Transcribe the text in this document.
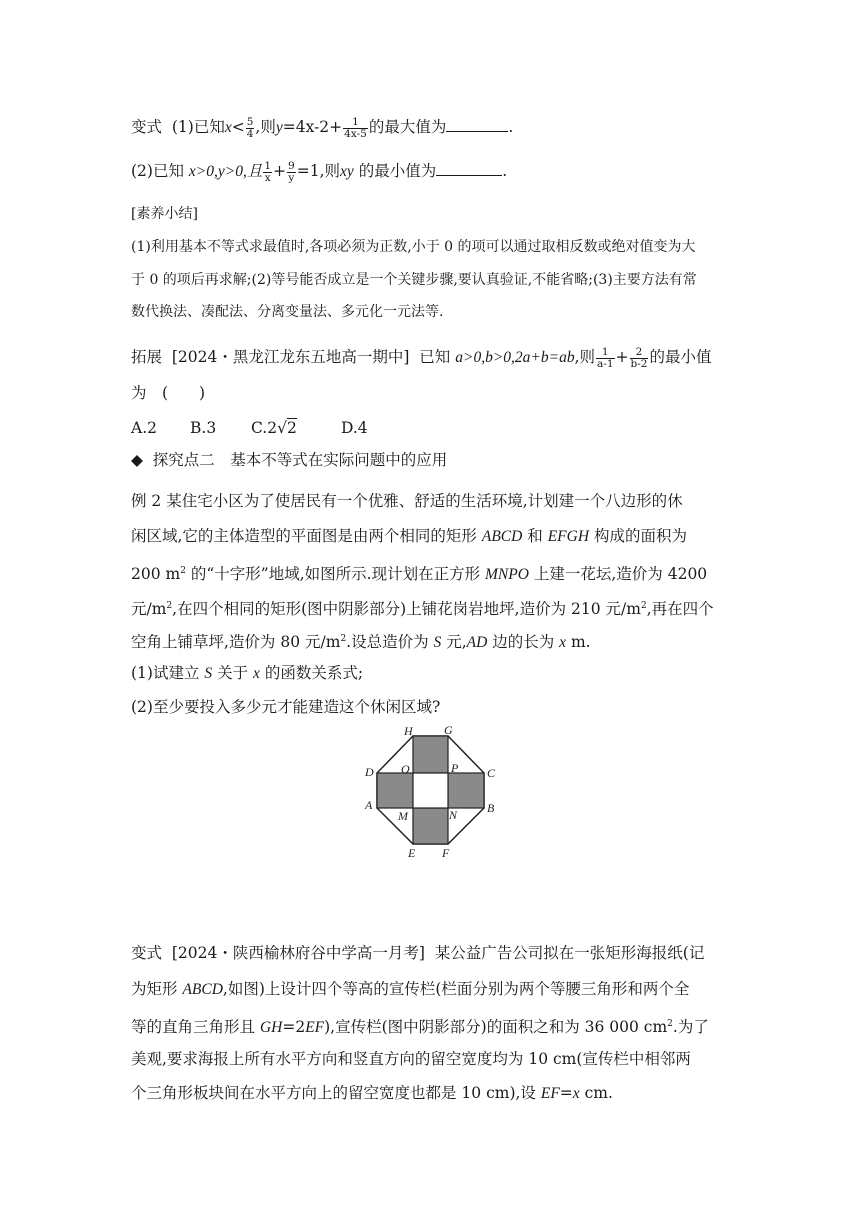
变式 (1)已知$x< \frac{5}{4}$ ,则$y=4x-2+ \frac{1}{4x-5}$ 的最大值为	.
(2)已知 x>0,y>0,且 $\frac{1}{x} + \frac{9}{y} =1$,则xy 的最小值为	.
[素养小结]
(1)利用基本不等式求最值时,各项必须为正数,小于 0 的项可以通过取相反数或绝对值变为大
于 0 的项后再求解;(2)等号能否成立是一个关键步骤,要认真验证,不能省略;(3)主要方法有常
数代换法、凑配法、分离变量法、多元化一元法等.
拓展 [2024・黑龙江龙东五地高一期中] 已知 a>0,b>0,2a+b=ab,则 $\frac{1}{a-1} + \frac{2}{b-2}$ 的最小值
为　(　　)
A.2 B.3 C.2√2	D.4
◆ 探究点二　基本不等式在实际问题中的应用
例 2 某住宅小区为了使居民有一个优雅、舒适的生活环境,计划建一个八边形的休
闲区域,它的主体造型的平面图是由两个相同的矩形 ABCD 和 EFGH 构成的面积为
200 $m^2$ 的“十字形”地域,如图所示.现计划在正方形 MNPO 上建一花坛,造价为 4200
元$/m^2$,在四个相同的矩形(图中阴影部分)上铺花岗岩地坪,造价为 210 元$/m^2$,再在四个
空角上铺草坪,造价为 80 元$/m^2$.设总造价为 S 元,AD 边的长为 x m.
(1)试建立 S 关于 x 的函数关系式;
(2)至少要投入多少元才能建造这个休闲区域?
H	G
D O	P C
A
M	N B
E F
变式 [2024・陕西榆林府谷中学高一月考] 某公益广告公司拟在一张矩形海报纸(记
为矩形 ABCD,如图)上设计四个等高的宣传栏(栏面分别为两个等腰三角形和两个全
等的直角三角形且 GH=2EF),宣传栏(图中阴影部分)的面积之和为 36 000 $cm^2$.为了
美观,要求海报上所有水平方向和竖直方向的留空宽度均为 10 cm(宣传栏中相邻两
个三角形板块间在水平方向上的留空宽度也都是 10 cm),设 EF=x cm.
